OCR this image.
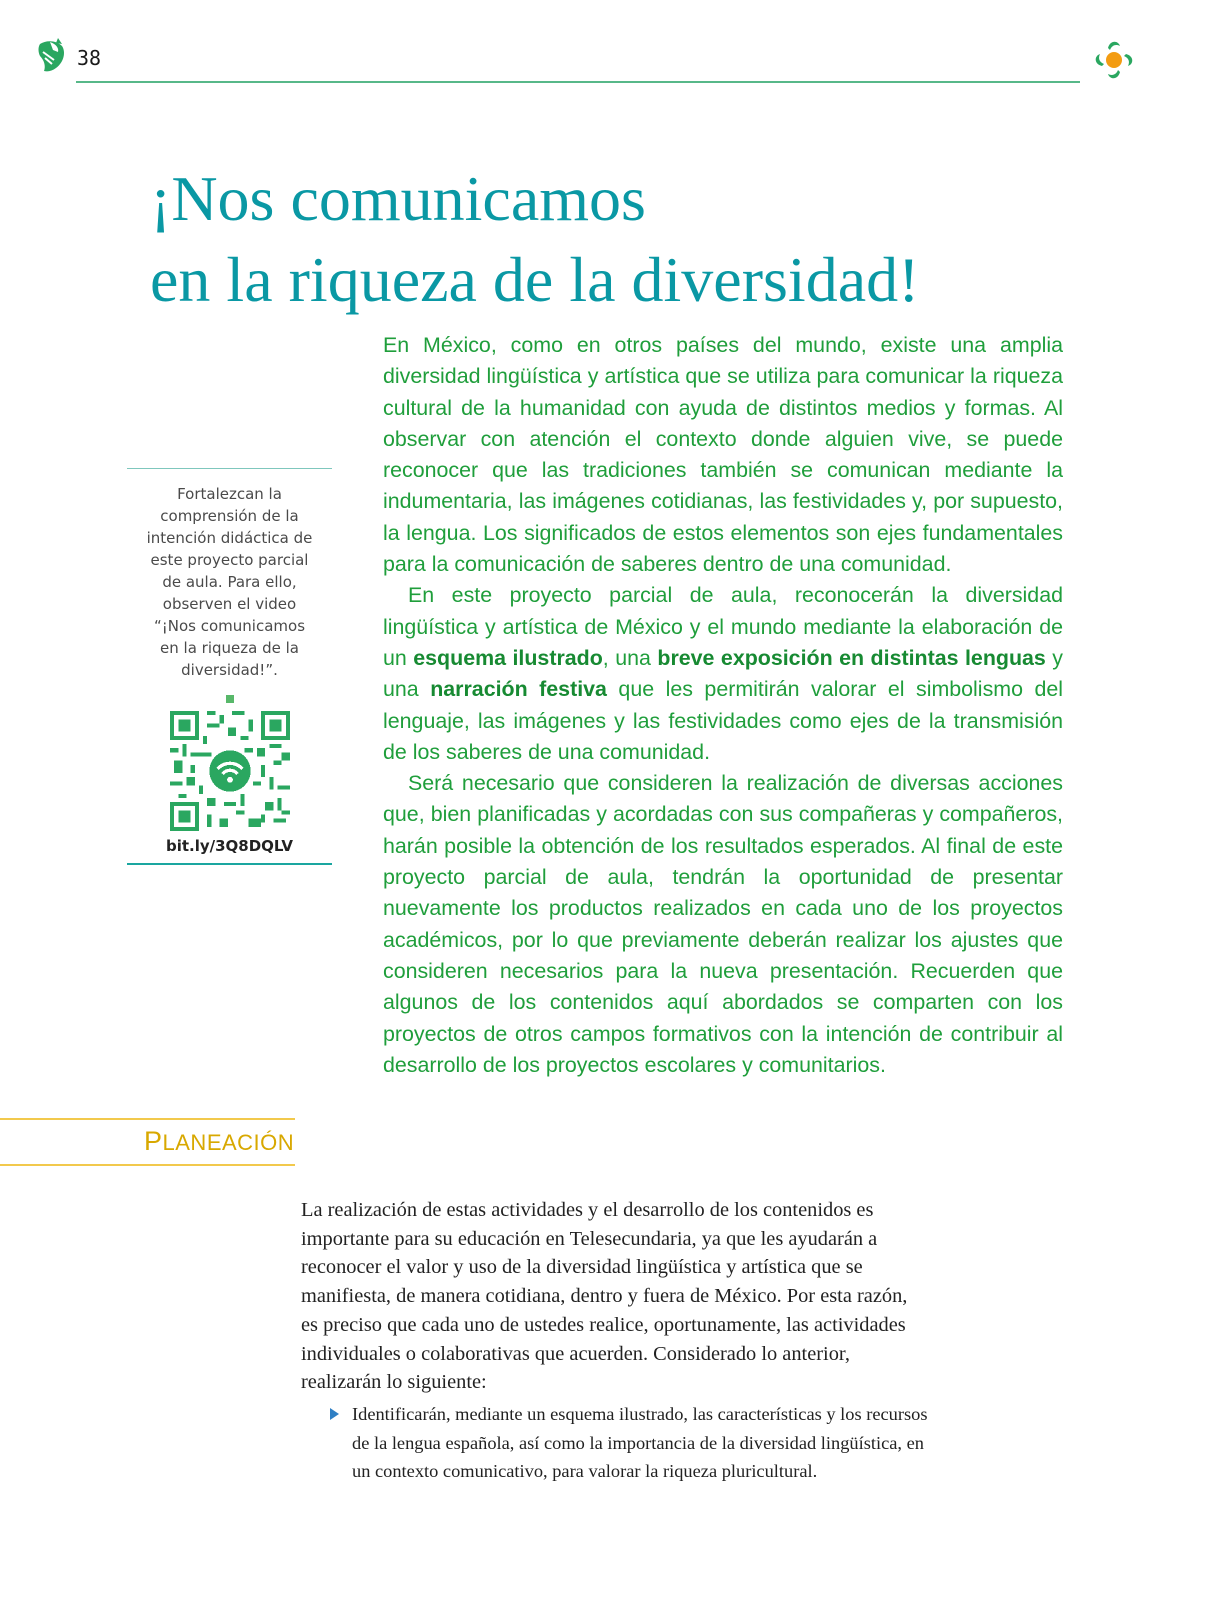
38
¡Nos comunicamos
en la riqueza de la diversidad!
Fortalezcan la comprensión de la intención didáctica de este proyecto parcial de aula. Para ello, observen el video “¡Nos comunicamos en la riqueza de la diversidad!”.
bit.ly/3Q8DQLV

En México, como en otros países del mundo, existe una amplia diversidad lingüística y artística que se utiliza para comunicar la riqueza cultural de la humanidad con ayuda de distintos medios y formas. Al observar con atención el contexto donde alguien vive, se puede reconocer que las tradiciones también se comunican mediante la indumentaria, las imágenes cotidianas, las festividades y, por supuesto, la lengua. Los significados de estos elementos son ejes fundamentales para la comunicación de saberes dentro de una comunidad.

En este proyecto parcial de aula, reconocerán la diversidad lingüística y artística de México y el mundo mediante la elaboración de un esquema ilustrado, una breve exposición en distintas lenguas y una narración festiva que les permitirán valorar el simbolismo del lenguaje, las imágenes y las festividades como ejes de la transmisión de los saberes de una comunidad.

Será necesario que consideren la realización de diversas acciones que, bien planificadas y acordadas con sus compañeras y compañeros, harán posible la obtención de los resultados esperados. Al final de este proyecto parcial de aula, tendrán la oportunidad de presentar nuevamente los productos realizados en cada uno de los proyectos académicos, por lo que previamente deberán realizar los ajustes que consideren necesarios para la nueva presentación. Recuerden que algunos de los contenidos aquí abordados se comparten con los proyectos de otros campos formativos con la intención de contribuir al desarrollo de los proyectos escolares y comunitarios.

PLANEACIÓN

La realización de estas actividades y el desarrollo de los contenidos es importante para su educación en Telesecundaria, ya que les ayudarán a reconocer el valor y uso de la diversidad lingüística y artística que se manifiesta, de manera cotidiana, dentro y fuera de México. Por esta razón, es preciso que cada uno de ustedes realice, oportunamente, las actividades individuales o colaborativas que acuerden. Considerado lo anterior, realizarán lo siguiente:

Identificarán, mediante un esquema ilustrado, las características y los recursos de la lengua española, así como la importancia de la diversidad lingüística, en un contexto comunicativo, para valorar la riqueza pluricultural.
